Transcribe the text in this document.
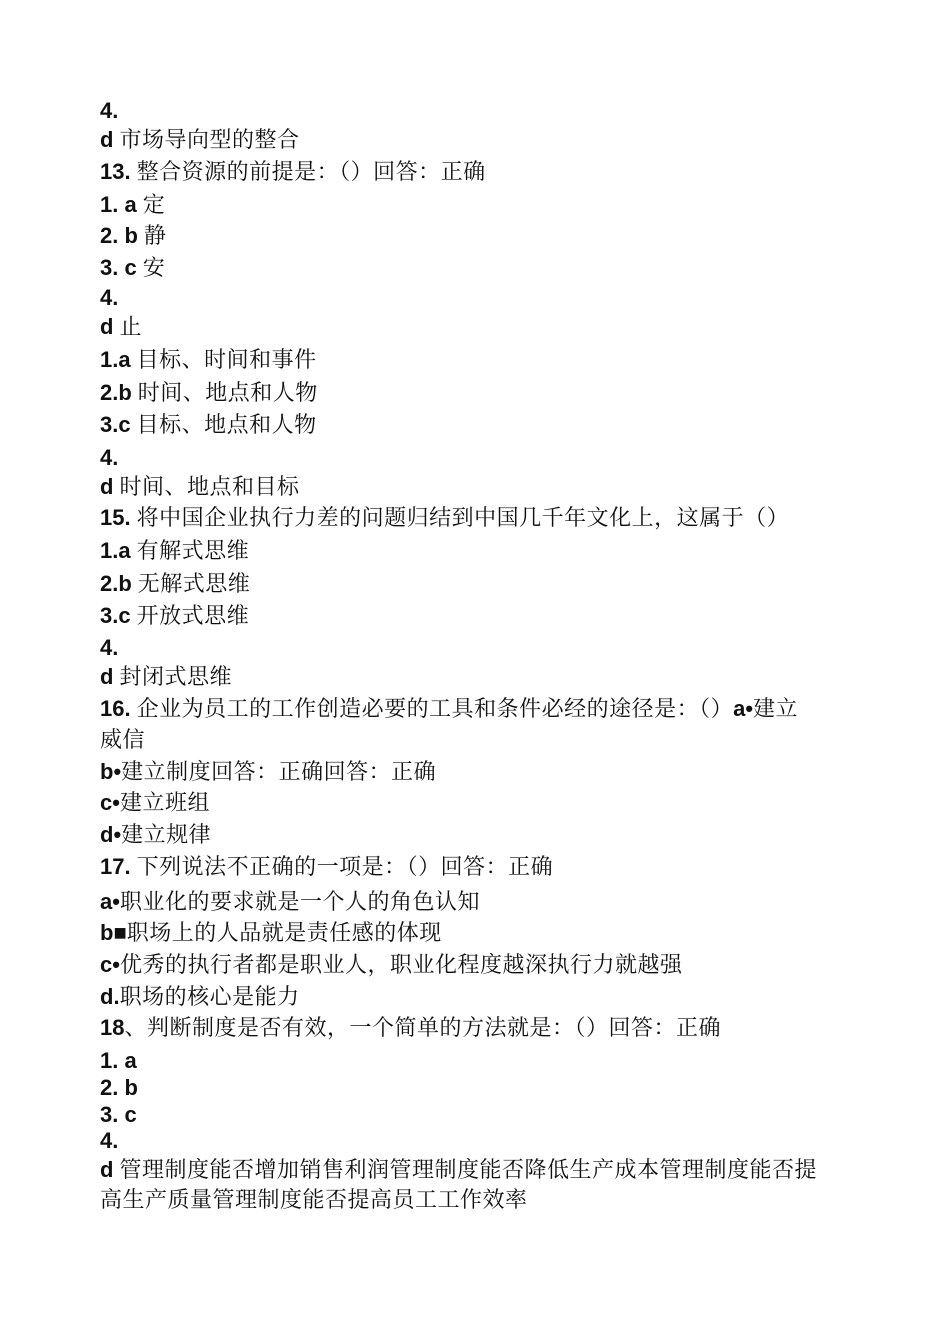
4.
d 市场导向型的整合
13. 整合资源的前提是：（）回答：正确
1. a 定
2. b 静
3. c 安
4.
d 止
1.a 目标、时间和事件
2.b 时间、地点和人物
3.c 目标、地点和人物
4.
d 时间、地点和目标
15. 将中国企业执行力差的问题归结到中国几千年文化上，这属于（）
1.a 有解式思维
2.b 无解式思维
3.c 开放式思维
4.
d 封闭式思维
16. 企业为员工的工作创造必要的工具和条件必经的途径是：（）a•建立
威信
b•建立制度回答：正确回答：正确
c•建立班组
d•建立规律
17. 下列说法不正确的一项是：（）回答：正确
a•职业化的要求就是一个人的角色认知
b■职场上的人品就是责任感的体现
c•优秀的执行者都是职业人，职业化程度越深执行力就越强
d.职场的核心是能力
18、判断制度是否有效，一个简单的方法就是：（）回答：正确
1. a
2. b
3. c
4.
d 管理制度能否增加销售利润管理制度能否降低生产成本管理制度能否提
高生产质量管理制度能否提高员工工作效率
